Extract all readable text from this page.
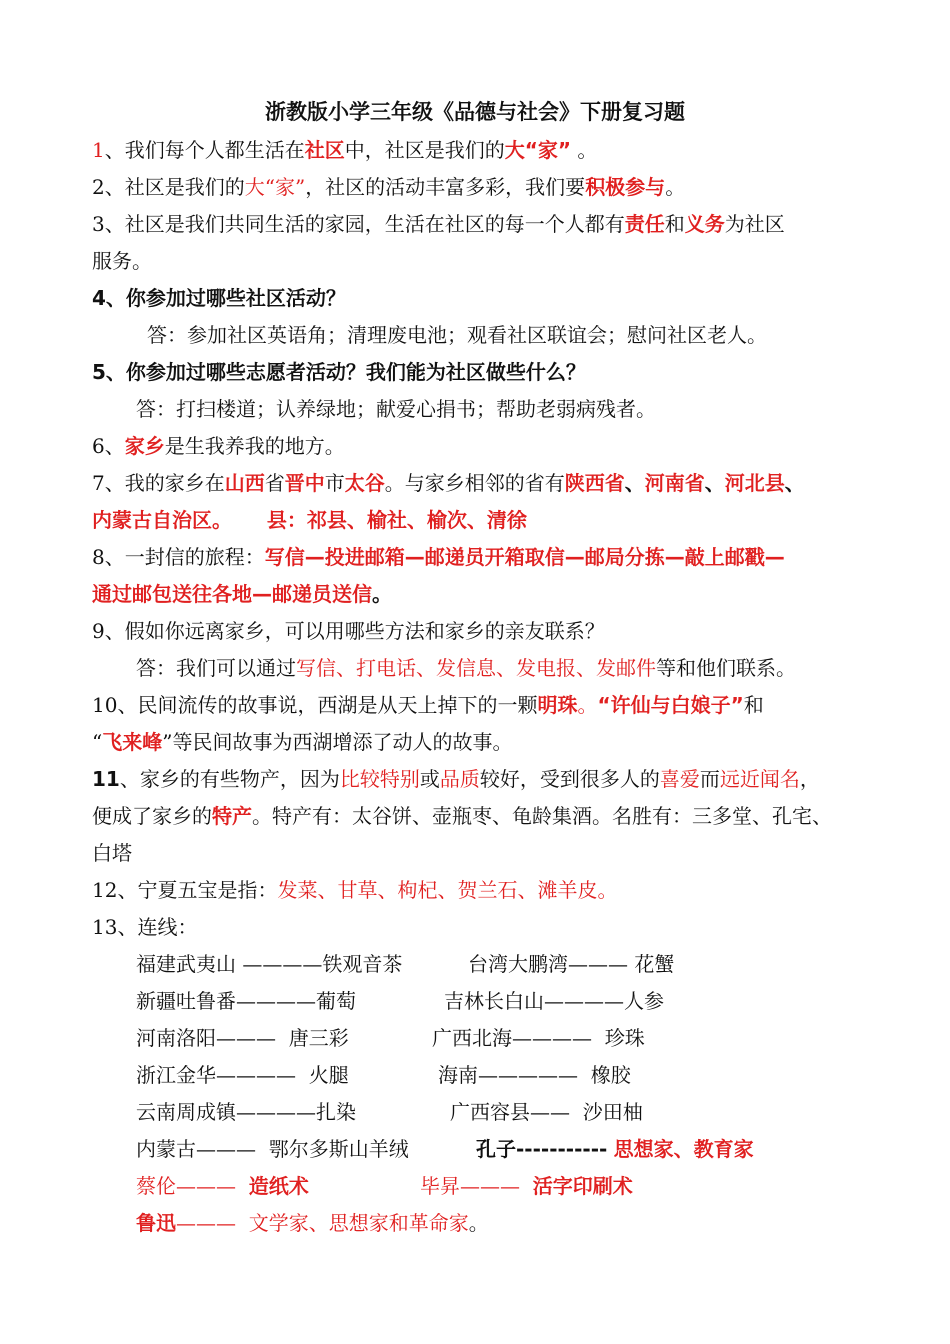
浙教版小学三年级《品德与社会》下册复习题
1、我们每个人都生活在社区中，社区是我们的大“家” 。
2、社区是我们的大“家”，社区的活动丰富多彩，我们要积极参与。
3、社区是我们共同生活的家园，生活在社区的每一个人都有责任和义务为社区
服务。
4、你参加过哪些社区活动？
答：参加社区英语角；清理废电池；观看社区联谊会；慰问社区老人。
5、你参加过哪些志愿者活动？我们能为社区做些什么？
答：打扫楼道；认养绿地；献爱心捐书；帮助老弱病残者。
6、家乡是生我养我的地方。
7、我的家乡在山西省晋中市太谷。与家乡相邻的省有陕西省、河南省、河北县、
内蒙古自治区。     县：祁县、榆社、榆次、清徐
8、一封信的旅程：写信—投进邮箱—邮递员开箱取信—邮局分拣—敲上邮戳—
通过邮包送往各地—邮递员送信。
9、假如你远离家乡，可以用哪些方法和家乡的亲友联系？
答：我们可以通过写信、打电话、发信息、发电报、发邮件等和他们联系。
10、民间流传的故事说，西湖是从天上掉下的一颗明珠。“许仙与白娘子”和
“飞来峰”等民间故事为西湖增添了动人的故事。
11、家乡的有些物产，因为比较特别或品质较好，受到很多人的喜爱而远近闻名，
便成了家乡的特产。特产有：太谷饼、壶瓶枣、龟龄集酒。名胜有：三多堂、孔宅、
白塔
12、宁夏五宝是指：发菜、甘草、枸杞、贺兰石、滩羊皮。
13、连线：
福建武夷山 ————铁观音茶	台湾大鹏湾——— 花蟹
新疆吐鲁番————葡萄	吉林长白山————人参
河南洛阳———  唐三彩	广西北海————  珍珠
浙江金华————  火腿	海南—————  橡胶
云南周成镇————扎染	广西容县——  沙田柚
内蒙古———  鄂尔多斯山羊绒	孔子----------- 思想家、教育家
蔡伦——— 造纸术	毕昇——— 活字印刷术
鲁迅——— 文学家、思想家和革命家。
